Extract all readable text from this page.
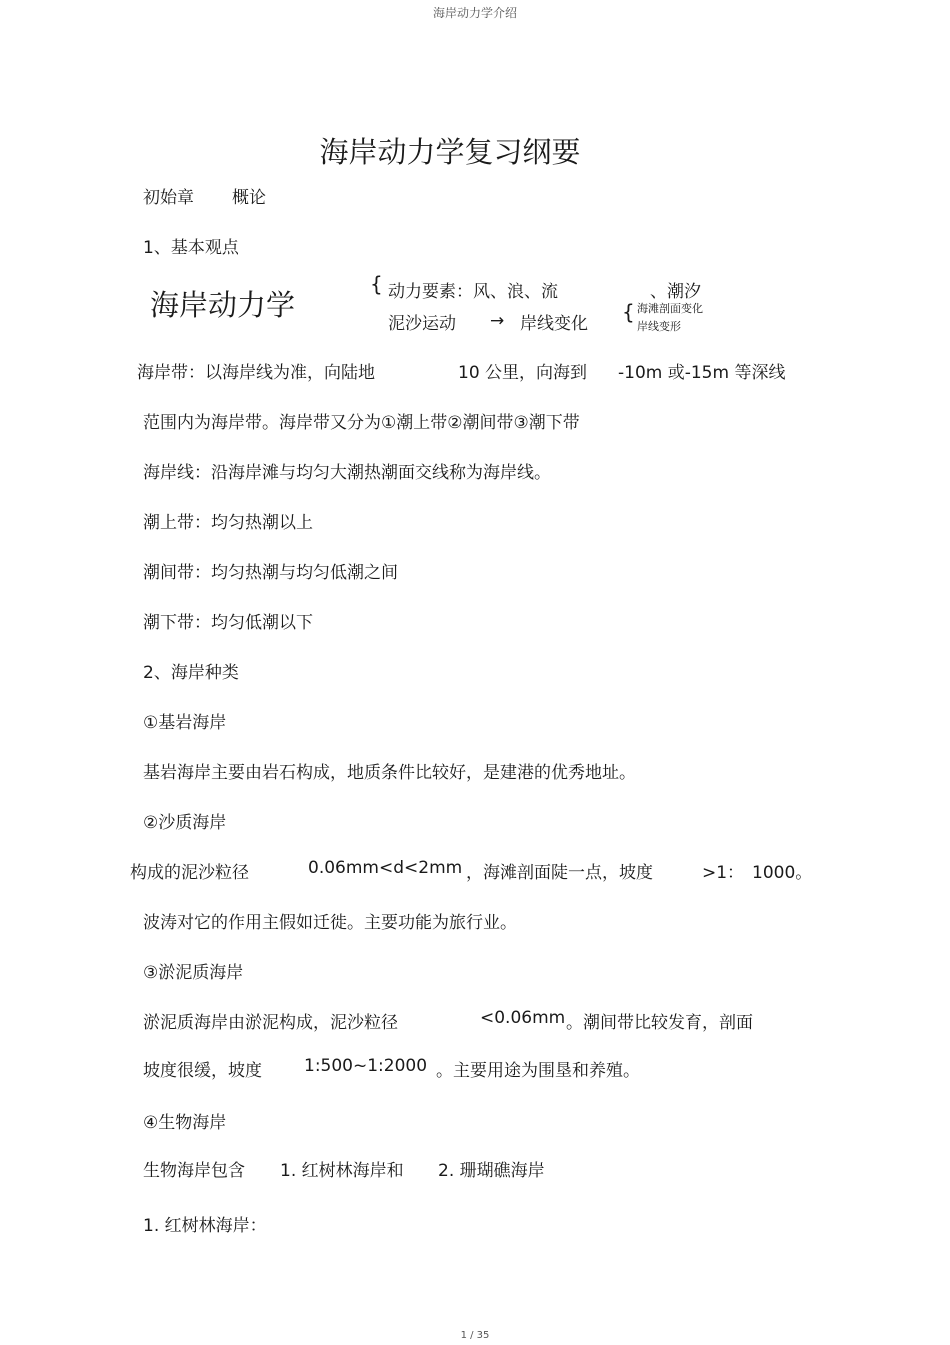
海岸动力学介绍
海岸动力学复习纲要
初始章 概论
1、基本观点
海岸动力学
{ 动力要素：风、浪、流	、潮汐
泥沙运动 → 岸线变化 { 海滩剖面变化
岸线变形
海岸带：以海岸线为准，向陆地	10 公里，向海到 -10m 或-15m 等深线
范围内为海岸带。海岸带又分为①潮上带②潮间带③潮下带
海岸线：沿海岸滩与均匀大潮热潮面交线称为海岸线。
潮上带：均匀热潮以上
潮间带：均匀热潮与均匀低潮之间
潮下带：均匀低潮以下
2、海岸种类
①基岩海岸
基岩海岸主要由岩石构成，地质条件比较好，是建港的优秀地址。
②沙质海岸
构成的泥沙粒径	0.06mm<d<2mm ，海滩剖面陡一点，坡度	>1： 1000。
波涛对它的作用主假如迁徙。主要功能为旅行业。
③淤泥质海岸
淤泥质海岸由淤泥构成，泥沙粒径	<0.06mm 。潮间带比较发育，剖面
坡度很缓，坡度 1:500~1:2000 。主要用途为围垦和养殖。
④生物海岸
生物海岸包含 1. 红树林海岸和 2. 珊瑚礁海岸
1. 红树林海岸：
1 / 35
